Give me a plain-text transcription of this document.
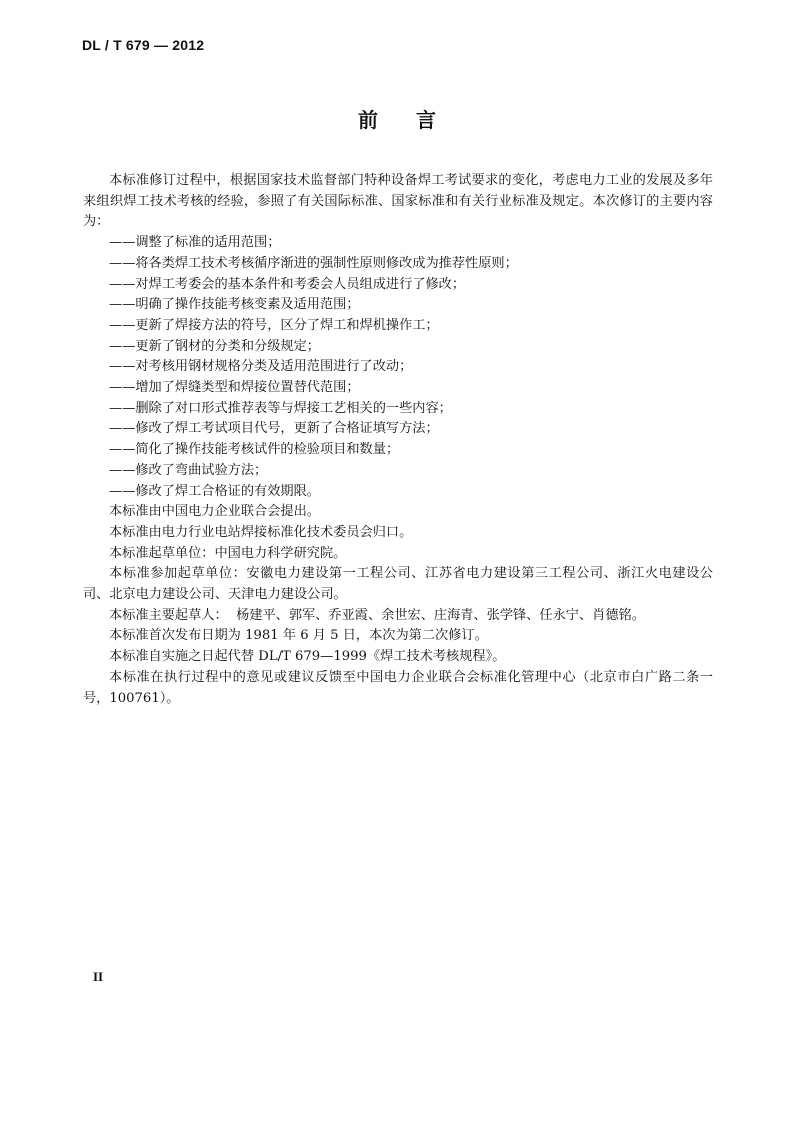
DL / T 679 — 2012
前言

本标准修订过程中，根据国家技术监督部门特种设备焊工考试要求的变化，考虑电力工业的发展及多年来组织焊工技术考核的经验，参照了有关国际标准、国家标准和有关行业标准及规定。本次修订的主要内容为：

——调整了标准的适用范围；

——将各类焊工技术考核循序渐进的强制性原则修改成为推荐性原则；

——对焊工考委会的基本条件和考委会人员组成进行了修改；

——明确了操作技能考核变素及适用范围；

——更新了焊接方法的符号，区分了焊工和焊机操作工；

——更新了钢材的分类和分级规定；

——对考核用钢材规格分类及适用范围进行了改动；

——增加了焊缝类型和焊接位置替代范围；

——删除了对口形式推荐表等与焊接工艺相关的一些内容；

——修改了焊工考试项目代号，更新了合格证填写方法；

——简化了操作技能考核试件的检验项目和数量；

——修改了弯曲试验方法；

——修改了焊工合格证的有效期限。

本标准由中国电力企业联合会提出。

本标准由电力行业电站焊接标准化技术委员会归口。

本标准起草单位：中国电力科学研究院。

本标准参加起草单位：安徽电力建设第一工程公司、江苏省电力建设第三工程公司、浙江火电建设公司、北京电力建设公司、天津电力建设公司。

本标准主要起草人：  杨建平、郭军、乔亚霞、余世宏、庄海青、张学锋、任永宁、肖德铭。

本标准首次发布日期为 1981 年 6 月 5 日，本次为第二次修订。

本标准自实施之日起代替 DL/T 679—1999《焊工技术考核规程》。

本标准在执行过程中的意见或建议反馈至中国电力企业联合会标准化管理中心（北京市白广路二条一号，100761）。

II
